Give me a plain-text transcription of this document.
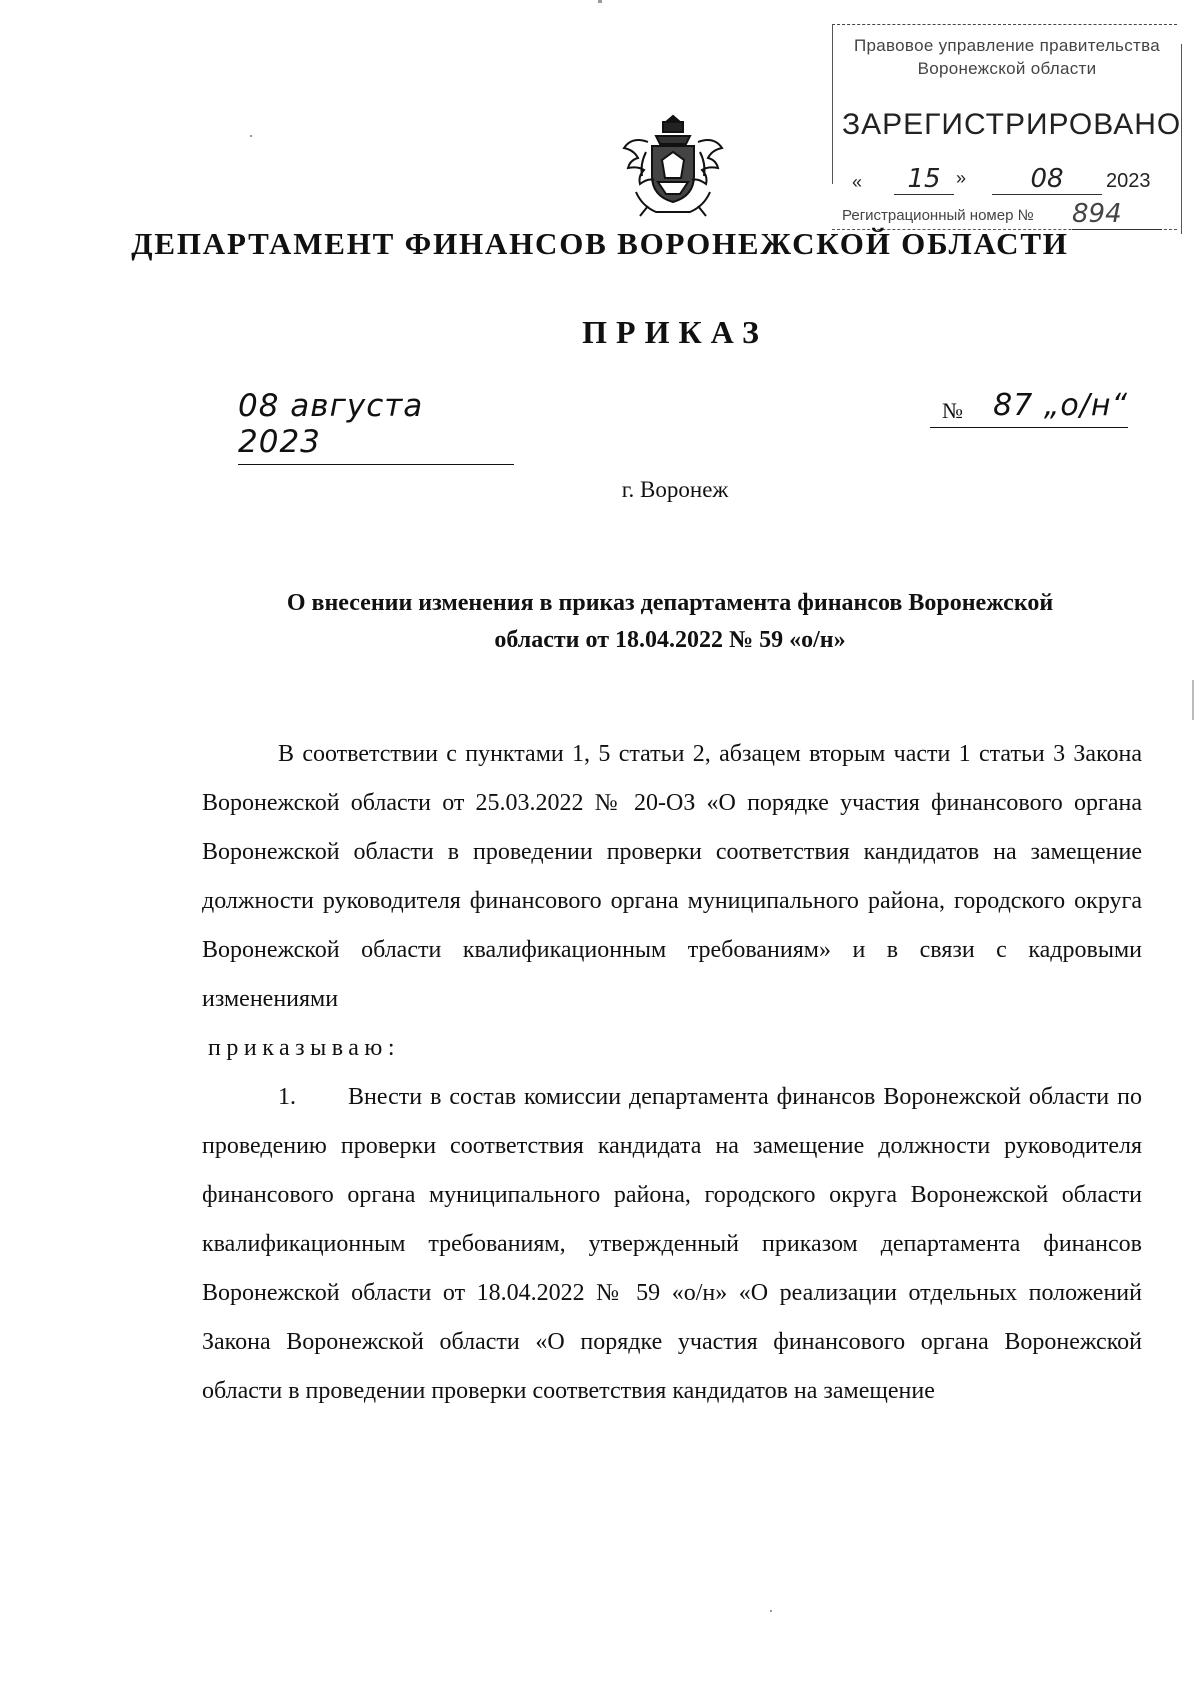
Правовое управление правительства
Воронежской области
ЗАРЕГИСТРИРОВАНО
«	15 »	08	2023
Регистрационный номер № 894
ДЕПАРТАМЕНТ ФИНАНСОВ ВОРОНЕЖСКОЙ ОБЛАСТИ
ПРИКАЗ
08 августа 2023
87 „о/н“
№
г. Воронеж
О внесении изменения в приказ департамента финансов Воронежской
области от 18.04.2022 № 59 «о/н»

В соответствии с пунктами 1, 5 статьи 2, абзацем вторым части 1 статьи 3 Закона Воронежской области от 25.03.2022 № 20-ОЗ «О порядке участия финансового органа Воронежской области в проведении проверки соответствия кандидатов на замещение должности руководителя финансового органа муниципального района, городского округа Воронежской области квалификационным требованиям» и в связи с кадровыми изменениями

приказываю:

1. Внести в состав комиссии департамента финансов Воронежской области по проведению проверки соответствия кандидата на замещение должности руководителя финансового органа муниципального района, городского округа Воронежской области квалификационным требованиям, утвержденный приказом департамента финансов Воронежской области от 18.04.2022 № 59 «о/н» «О реализации отдельных положений Закона Воронежской области «О порядке участия финансового органа Воронежской области в проведении проверки соответствия кандидатов на замещение
